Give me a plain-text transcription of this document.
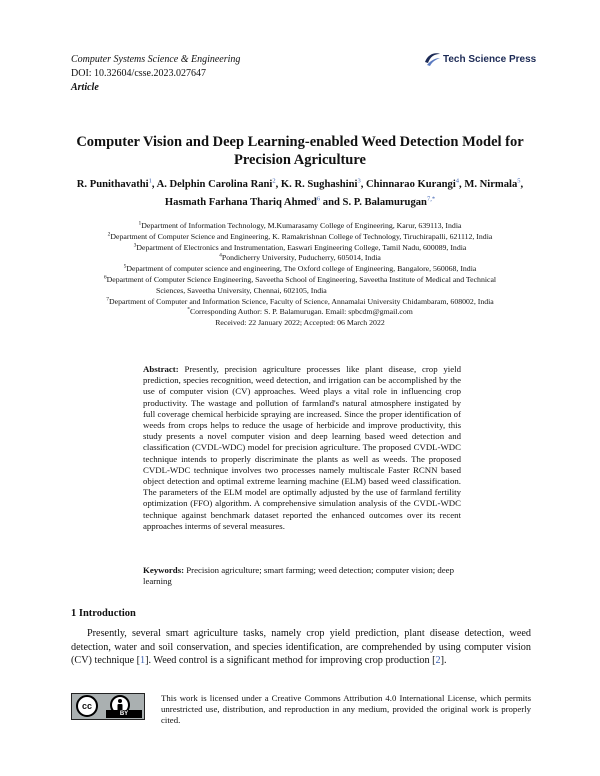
Computer Systems Science & Engineering
DOI: 10.32604/csse.2023.027647
Article
Tech Science Press
Computer Vision and Deep Learning-enabled Weed Detection Model for
Precision Agriculture
R. Punithavathi$^1$, A. Delphin Carolina Rani$^2$, K. R. Sughashini$^3$, Chinnarao Kurangi$^4$, M. Nirmala$^5$,
Hasmath Farhana Thariq Ahmed$^6$ and S. P. Balamurugan$^{7,*}$
$^1$Department of Information Technology, M.Kumarasamy College of Engineering, Karur, 639113, India
$^2$Department of Computer Science and Engineering, K. Ramakrishnan College of Technology, Tiruchirapalli, 621112, India
$^3$Department of Electronics and Instrumentation, Easwari Engineering College, Tamil Nadu, 600089, India
$^4$Pondicherry University, Puducherry, 605014, India
$^5$Department of computer science and engineering, The Oxford college of Engineering, Bangalore, 560068, India
$^6$Department of Computer Science Engineering, Saveetha School of Engineering, Saveetha Institute of Medical and Technical
Sciences, Saveetha University, Chennai, 602105, India
$^7$Department of Computer and Information Science, Faculty of Science, Annamalai University Chidambaram, 608002, India
*Corresponding Author: S. P. Balamurugan. Email: spbcdm@gmail.com
Received: 22 January 2022; Accepted: 06 March 2022
Abstract: Presently, precision agriculture processes like plant disease, crop yield prediction, species recognition, weed detection, and irrigation can be accomplished by the use of computer vision (CV) approaches. Weed plays a vital role in influencing crop productivity. The wastage and pollution of farmland's natural atmosphere instigated by full coverage chemical herbicide spraying are increased. Since the proper identification of weeds from crops helps to reduce the usage of herbicide and improve productivity, this study presents a novel computer vision and deep learning based weed detection and classification (CVDL-WDC) model for precision agriculture. The proposed CVDL-WDC technique intends to properly discriminate the plants as well as weeds. The proposed CVDL-WDC technique involves two processes namely multiscale Faster RCNN based object detection and optimal extreme learning machine (ELM) based weed classification. The parameters of the ELM model are optimally adjusted by the use of farmland fertility optimization (FFO) algorithm. A comprehensive simulation analysis of the CVDL-WDC technique against benchmark dataset reported the enhanced outcomes over its recent approaches interms of several measures.
Keywords: Precision agriculture; smart farming; weed detection; computer vision; deep learning
1 Introduction
Presently, several smart agriculture tasks, namely crop yield prediction, plant disease detection, weed detection, water and soil conservation, and species identification, are comprehended by using computer vision (CV) technique [1]. Weed control is a significant method for improving crop production [2].
cc
BY
This work is licensed under a Creative Commons Attribution 4.0 International License, which permits unrestricted use, distribution, and reproduction in any medium, provided the original work is properly cited.
